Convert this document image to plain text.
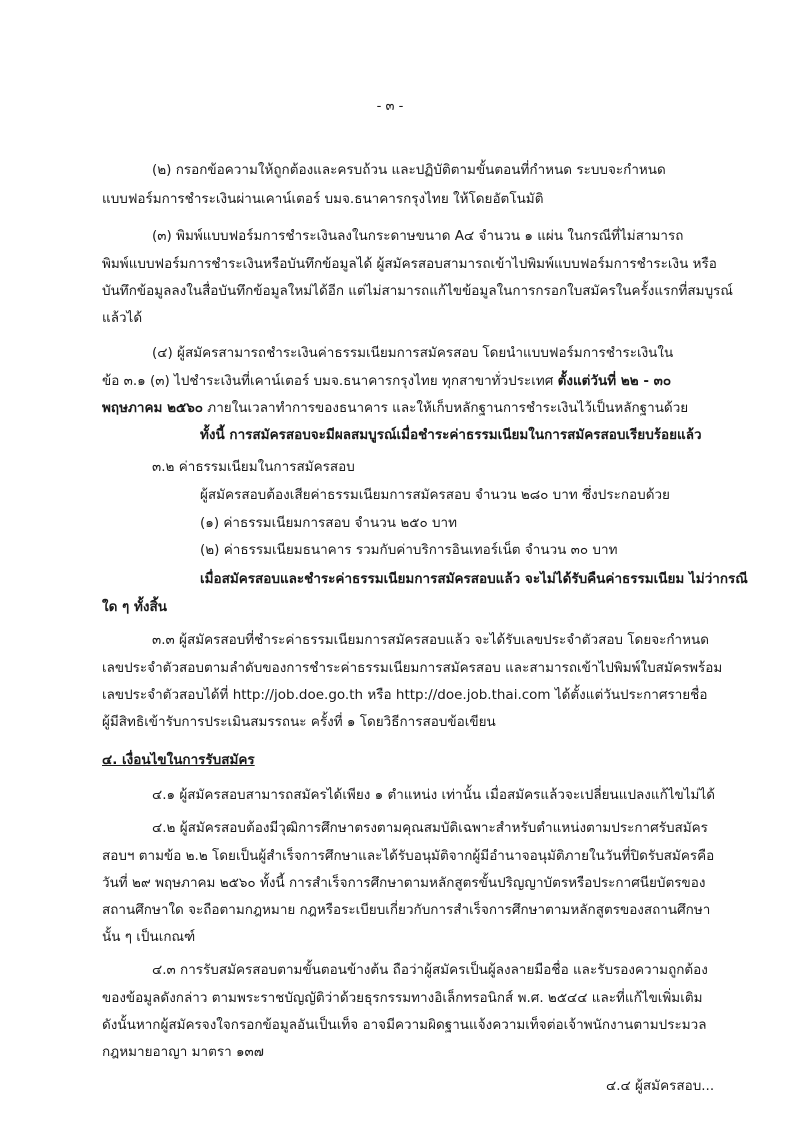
- ๓ -
(๒) กรอกข้อความให้ถูกต้องและครบถ้วน และปฏิบัติตามขั้นตอนที่กำหนด ระบบจะกำหนด
แบบฟอร์มการชำระเงินผ่านเคาน์เตอร์ บมจ.ธนาคารกรุงไทย ให้โดยอัตโนมัติ
(๓) พิมพ์แบบฟอร์มการชำระเงินลงในกระดาษขนาด A๔ จำนวน ๑ แผ่น ในกรณีที่ไม่สามารถ
พิมพ์แบบฟอร์มการชำระเงินหรือบันทึกข้อมูลได้ ผู้สมัครสอบสามารถเข้าไปพิมพ์แบบฟอร์มการชำระเงิน หรือ
บันทึกข้อมูลลงในสื่อบันทึกข้อมูลใหม่ได้อีก แต่ไม่สามารถแก้ไขข้อมูลในการกรอกใบสมัครในครั้งแรกที่สมบูรณ์
แล้วได้
(๔) ผู้สมัครสามารถชำระเงินค่าธรรมเนียมการสมัครสอบ โดยนำแบบฟอร์มการชำระเงินใน
ข้อ ๓.๑ (๓) ไปชำระเงินที่เคาน์เตอร์ บมจ.ธนาคารกรุงไทย ทุกสาขาทั่วประเทศ ตั้งแต่วันที่ ๒๒ - ๓๐
พฤษภาคม ๒๕๖๐ ภายในเวลาทำการของธนาคาร และให้เก็บหลักฐานการชำระเงินไว้เป็นหลักฐานด้วย
ทั้งนี้ การสมัครสอบจะมีผลสมบูรณ์เมื่อชำระค่าธรรมเนียมในการสมัครสอบเรียบร้อยแล้ว
๓.๒ ค่าธรรมเนียมในการสมัครสอบ
ผู้สมัครสอบต้องเสียค่าธรรมเนียมการสมัครสอบ จำนวน ๒๘๐ บาท ซึ่งประกอบด้วย
(๑) ค่าธรรมเนียมการสอบ จำนวน ๒๕๐ บาท
(๒) ค่าธรรมเนียมธนาคาร รวมกับค่าบริการอินเทอร์เน็ต จำนวน ๓๐ บาท
เมื่อสมัครสอบและชำระค่าธรรมเนียมการสมัครสอบแล้ว จะไม่ได้รับคืนค่าธรรมเนียม ไม่ว่ากรณี
ใด ๆ ทั้งสิ้น
๓.๓ ผู้สมัครสอบที่ชำระค่าธรรมเนียมการสมัครสอบแล้ว จะได้รับเลขประจำตัวสอบ โดยจะกำหนด
เลขประจำตัวสอบตามลำดับของการชำระค่าธรรมเนียมการสมัครสอบ และสามารถเข้าไปพิมพ์ใบสมัครพร้อม
เลขประจำตัวสอบได้ที่ http://job.doe.go.th หรือ http://doe.job.thai.com ได้ตั้งแต่วันประกาศรายชื่อ
ผู้มีสิทธิเข้ารับการประเมินสมรรถนะ ครั้งที่ ๑ โดยวิธีการสอบข้อเขียน
๔. เงื่อนไขในการรับสมัคร
๔.๑ ผู้สมัครสอบสามารถสมัครได้เพียง ๑ ตำแหน่ง เท่านั้น เมื่อสมัครแล้วจะเปลี่ยนแปลงแก้ไขไม่ได้
๔.๒ ผู้สมัครสอบต้องมีวุฒิการศึกษาตรงตามคุณสมบัติเฉพาะสำหรับตำแหน่งตามประกาศรับสมัคร
สอบฯ ตามข้อ ๒.๒ โดยเป็นผู้สำเร็จการศึกษาและได้รับอนุมัติจากผู้มีอำนาจอนุมัติภายในวันที่ปิดรับสมัครคือ
วันที่ ๒๙ พฤษภาคม ๒๕๖๐ ทั้งนี้ การสำเร็จการศึกษาตามหลักสูตรขั้นปริญญาบัตรหรือประกาศนียบัตรของ
สถานศึกษาใด จะถือตามกฎหมาย กฎหรือระเบียบเกี่ยวกับการสำเร็จการศึกษาตามหลักสูตรของสถานศึกษา
นั้น ๆ เป็นเกณฑ์
๔.๓ การรับสมัครสอบตามขั้นตอนข้างต้น ถือว่าผู้สมัครเป็นผู้ลงลายมือชื่อ และรับรองความถูกต้อง
ของข้อมูลดังกล่าว ตามพระราชบัญญัติว่าด้วยธุรกรรมทางอิเล็กทรอนิกส์ พ.ศ. ๒๕๔๔ และที่แก้ไขเพิ่มเติม
ดังนั้นหากผู้สมัครจงใจกรอกข้อมูลอันเป็นเท็จ อาจมีความผิดฐานแจ้งความเท็จต่อเจ้าพนักงานตามประมวล
กฎหมายอาญา มาตรา ๑๓๗
๔.๔ ผู้สมัครสอบ...
